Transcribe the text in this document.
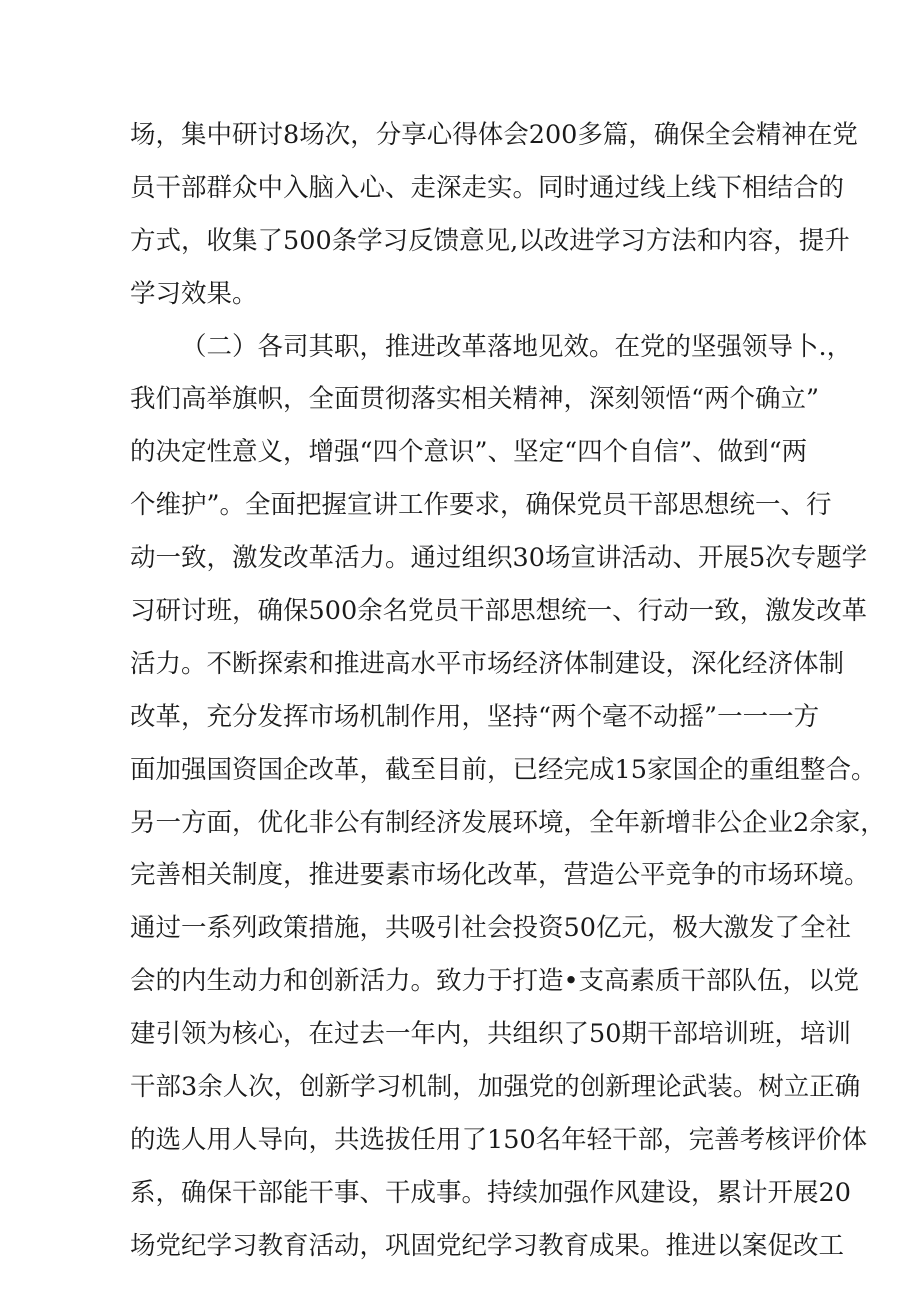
场，集中研讨8场次，分享心得体会200多篇，确保全会精神在党
员干部群众中入脑入心、走深走实。同时通过线上线下相结合的
方式，收集了500条学习反馈意见,以改进学习方法和内容，提升
学习效果。
（二）各司其职，推进改革落地见效。在党的坚强领导卜.，
我们高举旗帜，全面贯彻落实相关精神，深刻领悟“两个确立”
的决定性意义，增强“四个意识”、坚定“四个自信”、做到“两
个维护”。全面把握宣讲工作要求，确保党员干部思想统一、行
动一致，激发改革活力。通过组织30场宣讲活动、开展5次专题学
习研讨班，确保500余名党员干部思想统一、行动一致，激发改革
活力。不断探索和推进高水平市场经济体制建设，深化经济体制
改革，充分发挥市场机制作用，坚持“两个毫不动摇”一一一方
面加强国资国企改革，截至目前，已经完成15家国企的重组整合。
另一方面，优化非公有制经济发展环境，全年新增非公企业2余家，
完善相关制度，推进要素市场化改革，营造公平竞争的市场环境。
通过一系列政策措施，共吸引社会投资50亿元，极大激发了全社
会的内生动力和创新活力。致力于打造•支高素质干部队伍，以党
建引领为核心，在过去一年内，共组织了50期干部培训班，培训
干部3余人次，创新学习机制，加强党的创新理论武装。树立正确
的选人用人导向，共选拔任用了150名年轻干部，完善考核评价体
系，确保干部能干事、干成事。持续加强作风建设，累计开展20
场党纪学习教育活动，巩固党纪学习教育成果。推进以案促改工
